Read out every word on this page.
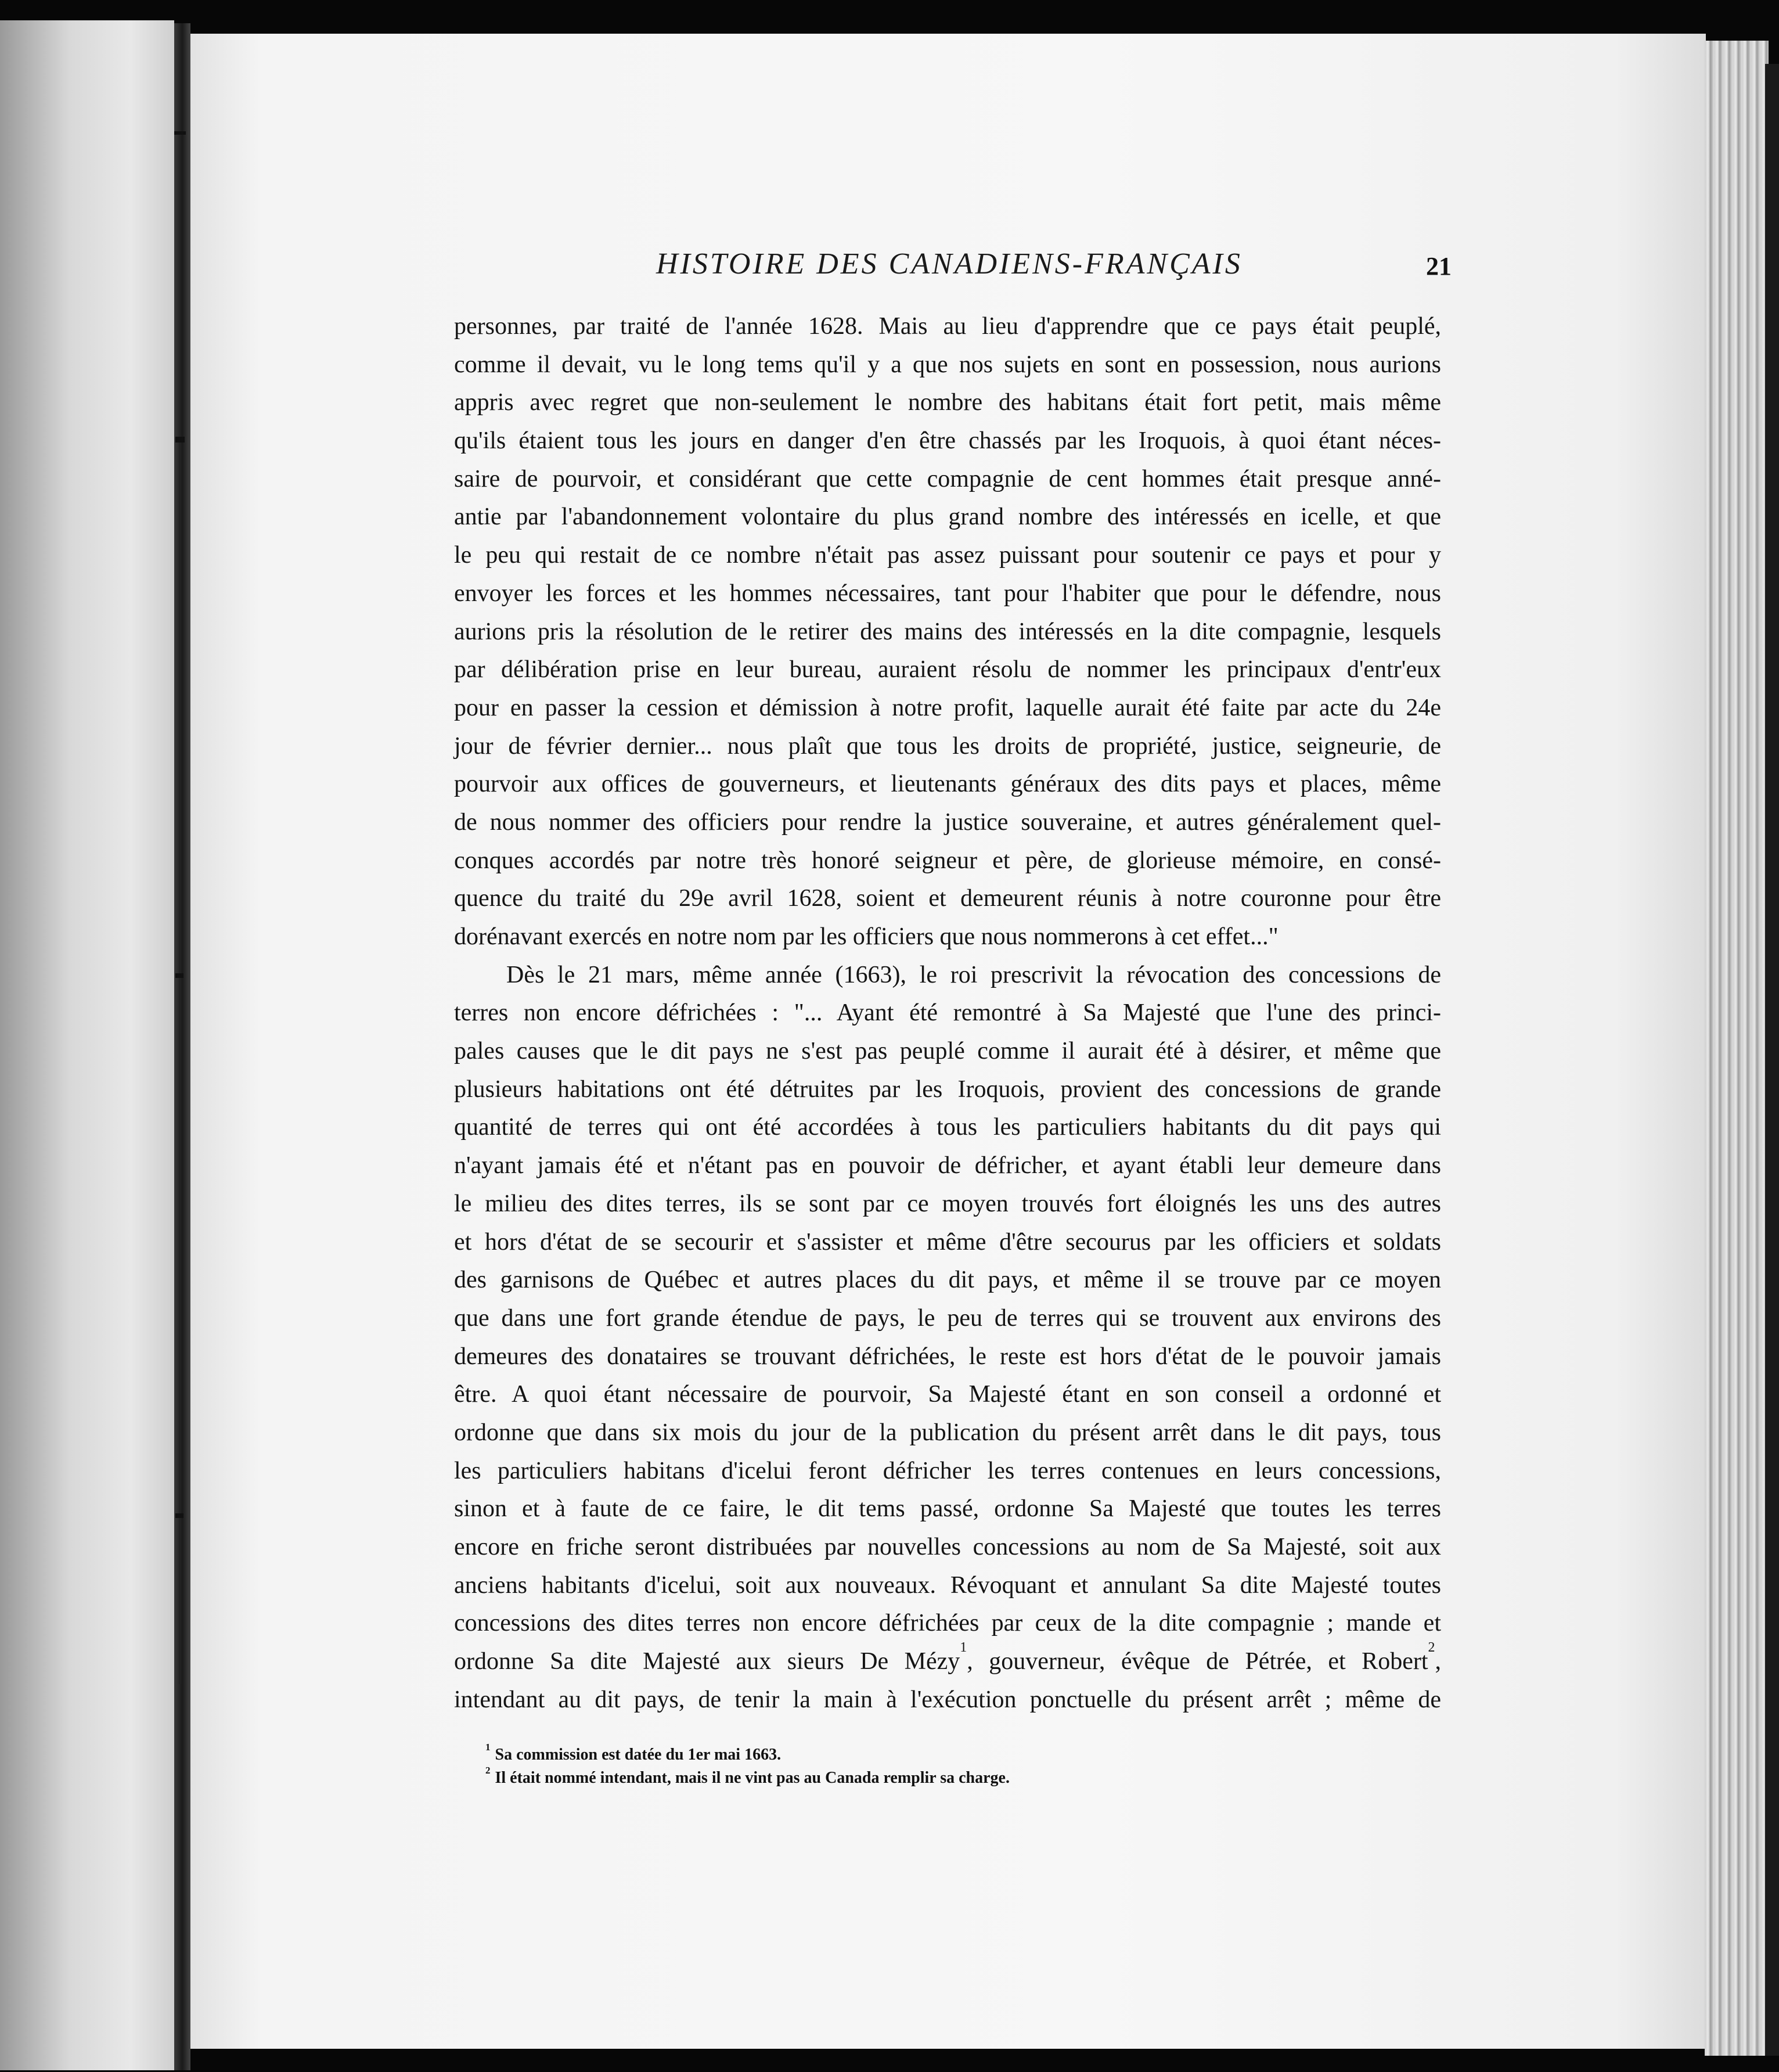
HISTOIRE DES CANADIENS-FRANÇAIS	21
personnes, par traité de l'année 1628. Mais au lieu d'apprendre que ce pays était peuplé,
comme il devait, vu le long tems qu'il y a que nos sujets en sont en possession, nous aurions
appris avec regret que non-seulement le nombre des habitans était fort petit, mais même
qu'ils étaient tous les jours en danger d'en être chassés par les Iroquois, à quoi étant néces-
saire de pourvoir, et considérant que cette compagnie de cent hommes était presque anné-
antie par l'abandonnement volontaire du plus grand nombre des intéressés en icelle, et que
le peu qui restait de ce nombre n'était pas assez puissant pour soutenir ce pays et pour y
envoyer les forces et les hommes nécessaires, tant pour l'habiter que pour le défendre, nous
aurions pris la résolution de le retirer des mains des intéressés en la dite compagnie, lesquels
par délibération prise en leur bureau, auraient résolu de nommer les principaux d'entr'eux
pour en passer la cession et démission à notre profit, laquelle aurait été faite par acte du 24e
jour de février dernier... nous plaît que tous les droits de propriété, justice, seigneurie, de
pourvoir aux offices de gouverneurs, et lieutenants généraux des dits pays et places, même
de nous nommer des officiers pour rendre la justice souveraine, et autres généralement quel-
conques accordés par notre très honoré seigneur et père, de glorieuse mémoire, en consé-
quence du traité du 29e avril 1628, soient et demeurent réunis à notre couronne pour être
dorénavant exercés en notre nom par les officiers que nous nommerons à cet effet..."
Dès le 21 mars, même année (1663), le roi prescrivit la révocation des concessions de
terres non encore défrichées : "... Ayant été remontré à Sa Majesté que l'une des princi-
pales causes que le dit pays ne s'est pas peuplé comme il aurait été à désirer, et même que
plusieurs habitations ont été détruites par les Iroquois, provient des concessions de grande
quantité de terres qui ont été accordées à tous les particuliers habitants du dit pays qui
n'ayant jamais été et n'étant pas en pouvoir de défricher, et ayant établi leur demeure dans
le milieu des dites terres, ils se sont par ce moyen trouvés fort éloignés les uns des autres
et hors d'état de se secourir et s'assister et même d'être secourus par les officiers et soldats
des garnisons de Québec et autres places du dit pays, et même il se trouve par ce moyen
que dans une fort grande étendue de pays, le peu de terres qui se trouvent aux environs des
demeures des donataires se trouvant défrichées, le reste est hors d'état de le pouvoir jamais
être. A quoi étant nécessaire de pourvoir, Sa Majesté étant en son conseil a ordonné et
ordonne que dans six mois du jour de la publication du présent arrêt dans le dit pays, tous
les particuliers habitans d'icelui feront défricher les terres contenues en leurs concessions,
sinon et à faute de ce faire, le dit tems passé, ordonne Sa Majesté que toutes les terres
encore en friche seront distribuées par nouvelles concessions au nom de Sa Majesté, soit aux
anciens habitants d'icelui, soit aux nouveaux. Révoquant et annulant Sa dite Majesté toutes
concessions des dites terres non encore défrichées par ceux de la dite compagnie ; mande et
ordonne Sa dite Majesté aux sieurs De Mézy$^1$, gouverneur, évêque de Pétrée, et Robert$^2$,
intendant au dit pays, de tenir la main à l'exécution ponctuelle du présent arrêt ; même de
$^1$ Sa commission est datée du 1er mai 1663.
$^2$ Il était nommé intendant, mais il ne vint pas au Canada remplir sa charge.
